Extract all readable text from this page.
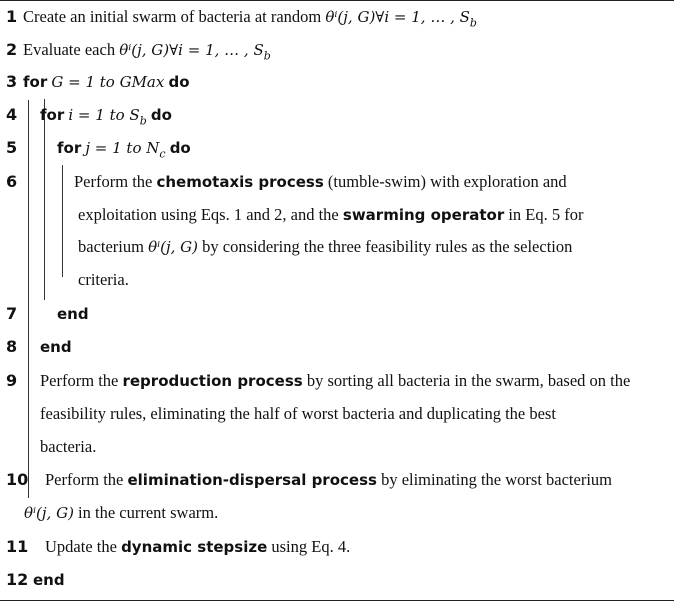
1 Create an initial swarm of bacteria at random θⁱ(j, G)∀i = 1, … , $S_b$
2 Evaluate each θⁱ(j, G)∀i = 1, … , $S_b$
3 for G = 1 to GMax do
4 for i = 1 to $S_b$ do
5	for j = 1 to $N_c$ do
6	Perform the chemotaxis process (tumble-swim) with exploration and
exploitation using Eqs. 1 and 2, and the swarming operator in Eq. 5 for
bacterium θⁱ(j, G) by considering the three feasibility rules as the selection
criteria.
7	end
8 end
9 Perform the reproduction process by sorting all bacteria in the swarm, based on the
feasibility rules, eliminating the half of worst bacteria and duplicating the best
bacteria.
10 Perform the elimination-dispersal process by eliminating the worst bacterium
θⁱ(j, G) in the current swarm.
11 Update the dynamic stepsize using Eq. 4.
12 end
